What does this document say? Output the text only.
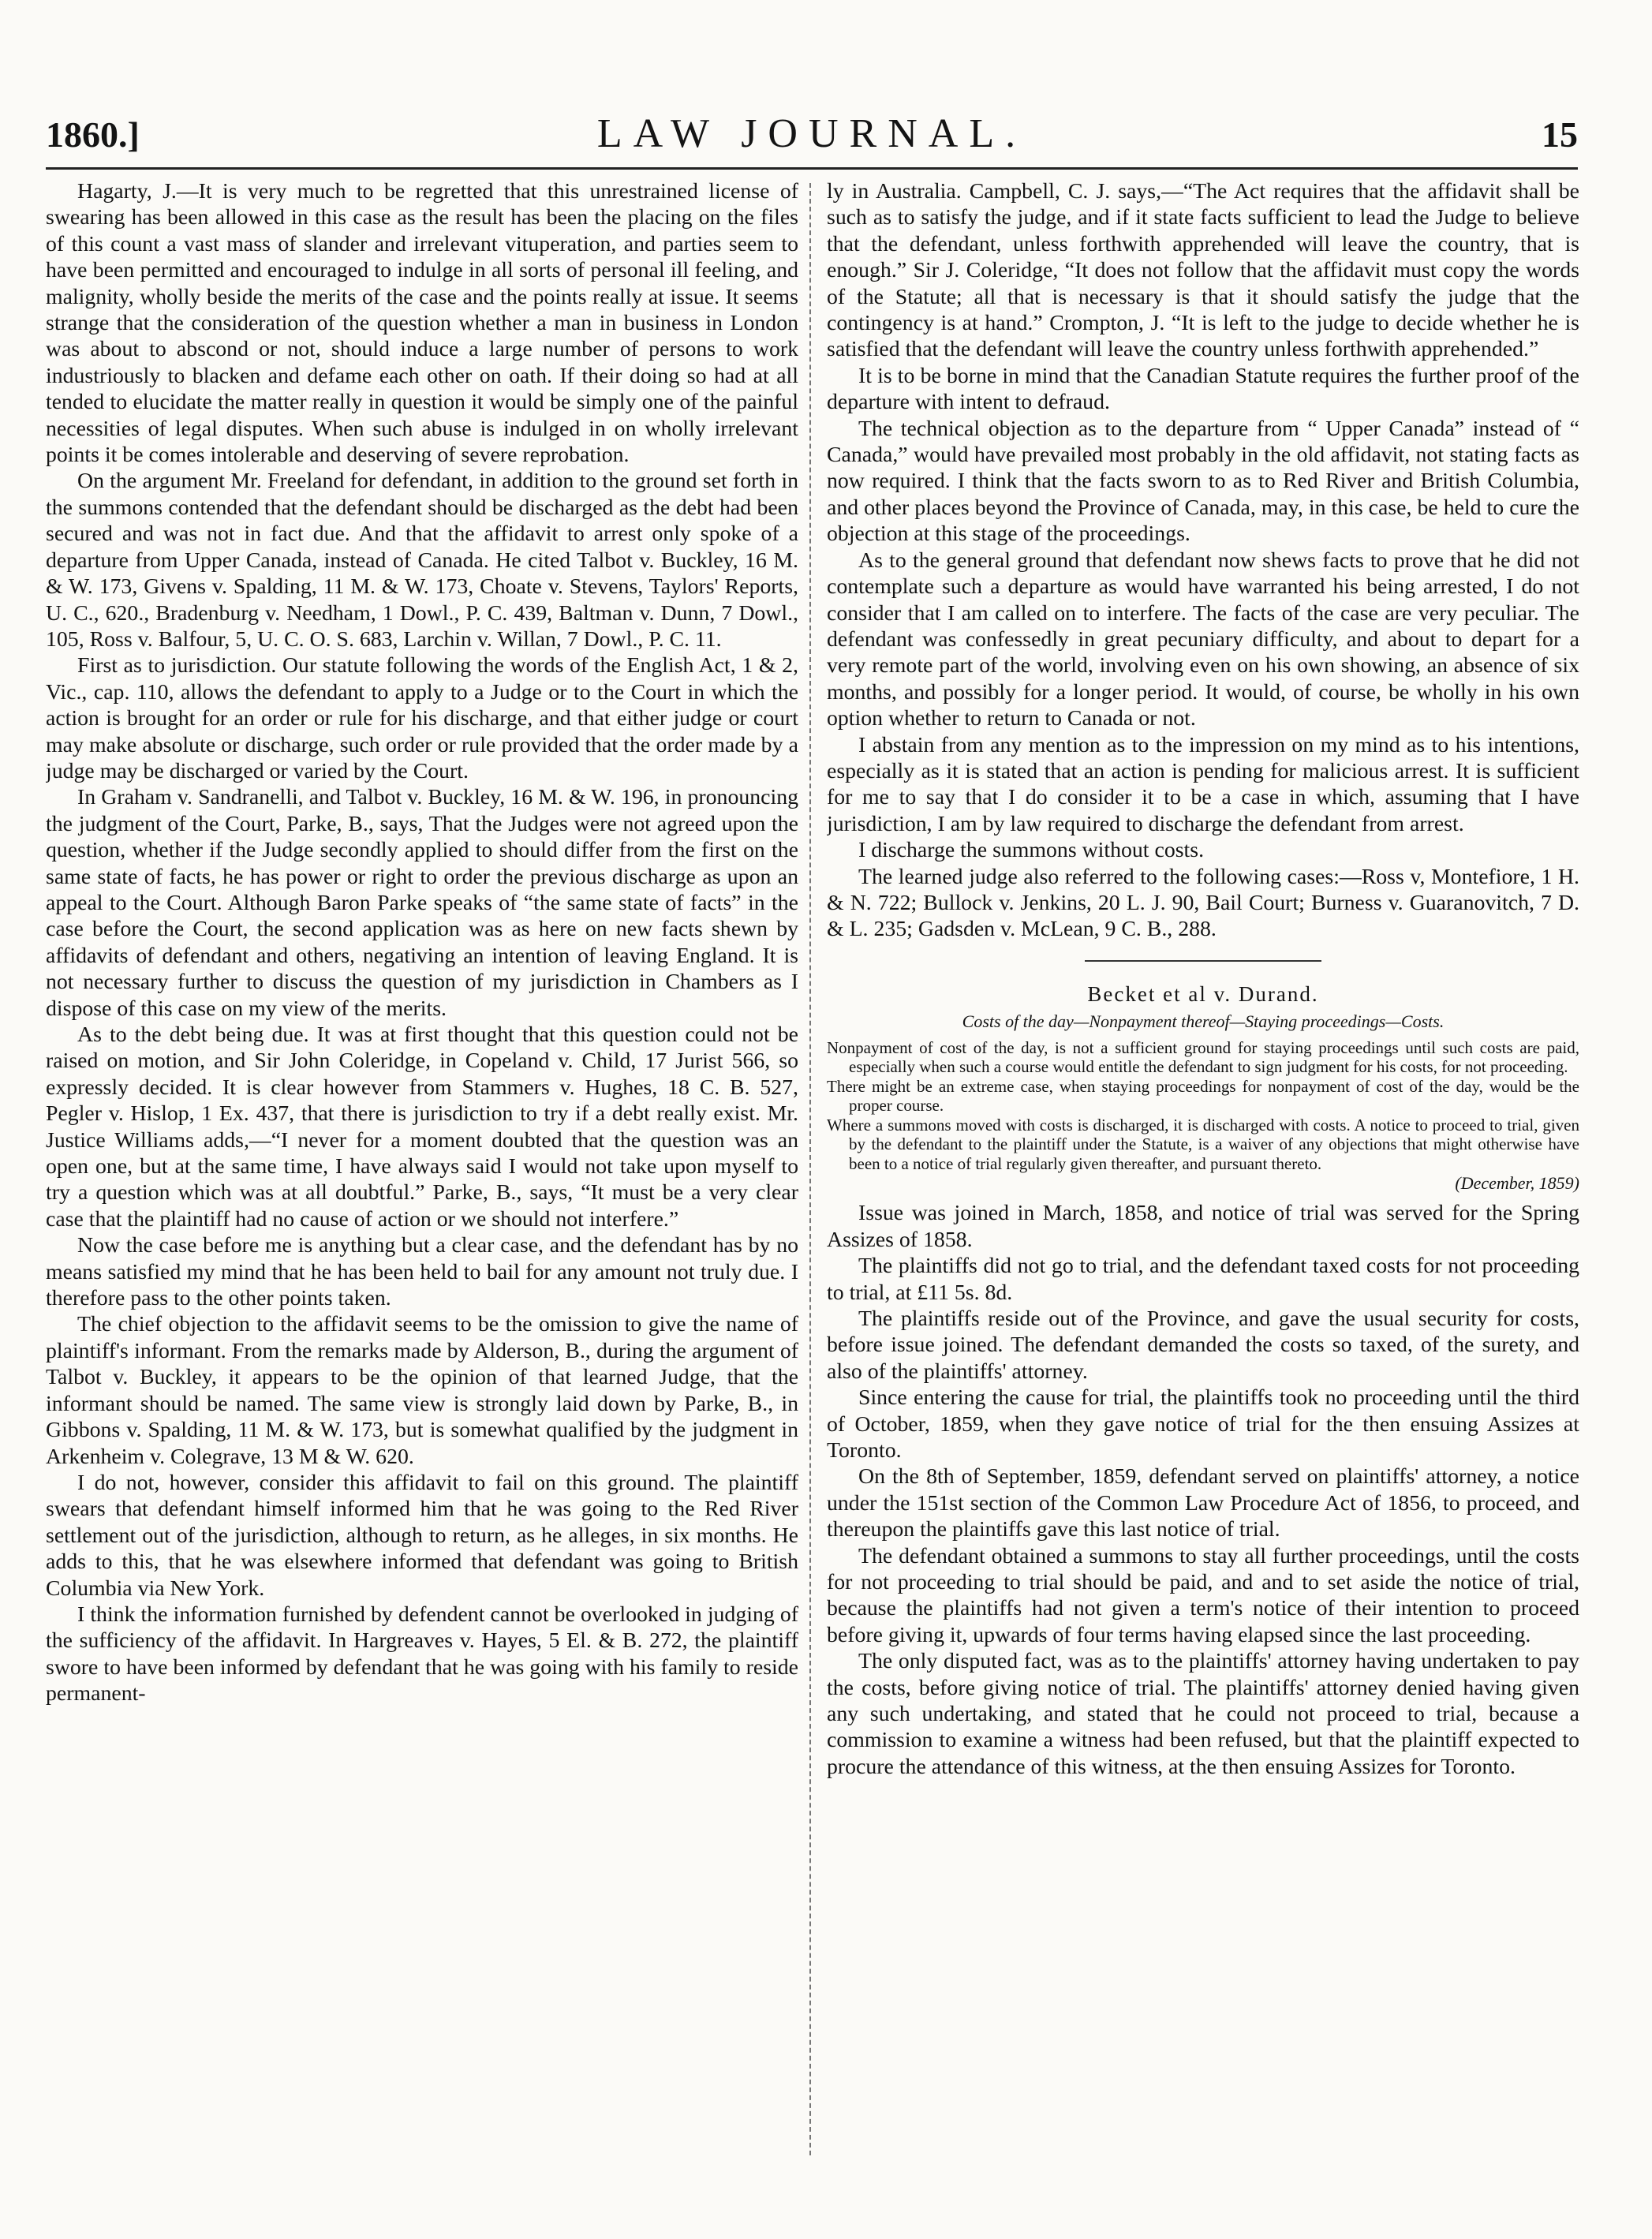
1860.]	LAW JOURNAL.	15

Hagarty, J.—It is very much to be regretted that this unrestrained license of swearing has been allowed in this case as the result has been the placing on the files of this count a vast mass of slander and irrelevant vituperation, and parties seem to have been permitted and encouraged to indulge in all sorts of personal ill feeling, and malignity, wholly beside the merits of the case and the points really at issue. It seems strange that the consideration of the question whether a man in business in London was about to abscond or not, should induce a large number of persons to work industriously to blacken and defame each other on oath. If their doing so had at all tended to elucidate the matter really in question it would be simply one of the painful necessities of legal disputes. When such abuse is indulged in on wholly irrelevant points it be comes intolerable and deserving of severe reprobation.

On the argument Mr. Freeland for defendant, in addition to the ground set forth in the summons contended that the defendant should be discharged as the debt had been secured and was not in fact due. And that the affidavit to arrest only spoke of a departure from Upper Canada, instead of Canada. He cited Talbot v. Buckley, 16 M. & W. 173, Givens v. Spalding, 11 M. & W. 173, Choate v. Stevens, Taylors' Reports, U. C., 620., Bradenburg v. Needham, 1 Dowl., P. C. 439, Baltman v. Dunn, 7 Dowl., 105, Ross v. Balfour, 5, U. C. O. S. 683, Larchin v. Willan, 7 Dowl., P. C. 11.

First as to jurisdiction. Our statute following the words of the English Act, 1 & 2, Vic., cap. 110, allows the defendant to apply to a Judge or to the Court in which the action is brought for an order or rule for his discharge, and that either judge or court may make absolute or discharge, such order or rule provided that the order made by a judge may be discharged or varied by the Court.

In Graham v. Sandranelli, and Talbot v. Buckley, 16 M. & W. 196, in pronouncing the judgment of the Court, Parke, B., says, That the Judges were not agreed upon the question, whether if the Judge secondly applied to should differ from the first on the same state of facts, he has power or right to order the previous discharge as upon an appeal to the Court. Although Baron Parke speaks of “the same state of facts” in the case before the Court, the second application was as here on new facts shewn by affidavits of defendant and others, negativing an intention of leaving England. It is not necessary further to discuss the question of my jurisdiction in Chambers as I dispose of this case on my view of the merits.

As to the debt being due. It was at first thought that this question could not be raised on motion, and Sir John Coleridge, in Copeland v. Child, 17 Jurist 566, so expressly decided. It is clear however from Stammers v. Hughes, 18 C. B. 527, Pegler v. Hislop, 1 Ex. 437, that there is jurisdiction to try if a debt really exist. Mr. Justice Williams adds,—“I never for a moment doubted that the question was an open one, but at the same time, I have always said I would not take upon myself to try a question which was at all doubtful.” Parke, B., says, “It must be a very clear case that the plaintiff had no cause of action or we should not interfere.”

Now the case before me is anything but a clear case, and the defendant has by no means satisfied my mind that he has been held to bail for any amount not truly due. I therefore pass to the other points taken.

The chief objection to the affidavit seems to be the omission to give the name of plaintiff's informant. From the remarks made by Alderson, B., during the argument of Talbot v. Buckley, it appears to be the opinion of that learned Judge, that the informant should be named. The same view is strongly laid down by Parke, B., in Gibbons v. Spalding, 11 M. & W. 173, but is somewhat qualified by the judgment in Arkenheim v. Colegrave, 13 M & W. 620.

I do not, however, consider this affidavit to fail on this ground. The plaintiff swears that defendant himself informed him that he was going to the Red River settlement out of the jurisdiction, although to return, as he alleges, in six months. He adds to this, that he was elsewhere informed that defendant was going to British Columbia via New York.

I think the information furnished by defendent cannot be overlooked in judging of the sufficiency of the affidavit. In Hargreaves v. Hayes, 5 El. & B. 272, the plaintiff swore to have been informed by defendant that he was going with his family to reside permanent-

ly in Australia. Campbell, C. J. says,—“The Act requires that the affidavit shall be such as to satisfy the judge, and if it state facts sufficient to lead the Judge to believe that the defendant, unless forthwith apprehended will leave the country, that is enough.” Sir J. Coleridge, “It does not follow that the affidavit must copy the words of the Statute; all that is necessary is that it should satisfy the judge that the contingency is at hand.” Crompton, J. “It is left to the judge to decide whether he is satisfied that the defendant will leave the country unless forthwith apprehended.”

It is to be borne in mind that the Canadian Statute requires the further proof of the departure with intent to defraud.

The technical objection as to the departure from “ Upper Canada” instead of “ Canada,” would have prevailed most probably in the old affidavit, not stating facts as now required. I think that the facts sworn to as to Red River and British Columbia, and other places beyond the Province of Canada, may, in this case, be held to cure the objection at this stage of the proceedings.

As to the general ground that defendant now shews facts to prove that he did not contemplate such a departure as would have warranted his being arrested, I do not consider that I am called on to interfere. The facts of the case are very peculiar. The defendant was confessedly in great pecuniary difficulty, and about to depart for a very remote part of the world, involving even on his own showing, an absence of six months, and possibly for a longer period. It would, of course, be wholly in his own option whether to return to Canada or not.

I abstain from any mention as to the impression on my mind as to his intentions, especially as it is stated that an action is pending for malicious arrest. It is sufficient for me to say that I do consider it to be a case in which, assuming that I have jurisdiction, I am by law required to discharge the defendant from arrest.

I discharge the summons without costs.

The learned judge also referred to the following cases:—Ross v, Montefiore, 1 H. & N. 722; Bullock v. Jenkins, 20 L. J. 90, Bail Court; Burness v. Guaranovitch, 7 D. & L. 235; Gadsden v. McLean, 9 C. B., 288.

Becket et al v. Durand.

Costs of the day—Nonpayment thereof—Staying proceedings—Costs.

Nonpayment of cost of the day, is not a sufficient ground for staying proceedings until such costs are paid, especially when such a course would entitle the defendant to sign judgment for his costs, for not proceeding.

There might be an extreme case, when staying proceedings for nonpayment of cost of the day, would be the proper course.

Where a summons moved with costs is discharged, it is discharged with costs. A notice to proceed to trial, given by the defendant to the plaintiff under the Statute, is a waiver of any objections that might otherwise have been to a notice of trial regularly given thereafter, and pursuant thereto.

(December, 1859)

Issue was joined in March, 1858, and notice of trial was served for the Spring Assizes of 1858.

The plaintiffs did not go to trial, and the defendant taxed costs for not proceeding to trial, at £11 5s. 8d.

The plaintiffs reside out of the Province, and gave the usual security for costs, before issue joined. The defendant demanded the costs so taxed, of the surety, and also of the plaintiffs' attorney.

Since entering the cause for trial, the plaintiffs took no proceeding until the third of October, 1859, when they gave notice of trial for the then ensuing Assizes at Toronto.

On the 8th of September, 1859, defendant served on plaintiffs' attorney, a notice under the 151st section of the Common Law Procedure Act of 1856, to proceed, and thereupon the plaintiffs gave this last notice of trial.

The defendant obtained a summons to stay all further proceedings, until the costs for not proceeding to trial should be paid, and and to set aside the notice of trial, because the plaintiffs had not given a term's notice of their intention to proceed before giving it, upwards of four terms having elapsed since the last proceeding.

The only disputed fact, was as to the plaintiffs' attorney having undertaken to pay the costs, before giving notice of trial. The plaintiffs' attorney denied having given any such undertaking, and stated that he could not proceed to trial, because a commission to examine a witness had been refused, but that the plaintiff expected to procure the attendance of this witness, at the then ensuing Assizes for Toronto.
